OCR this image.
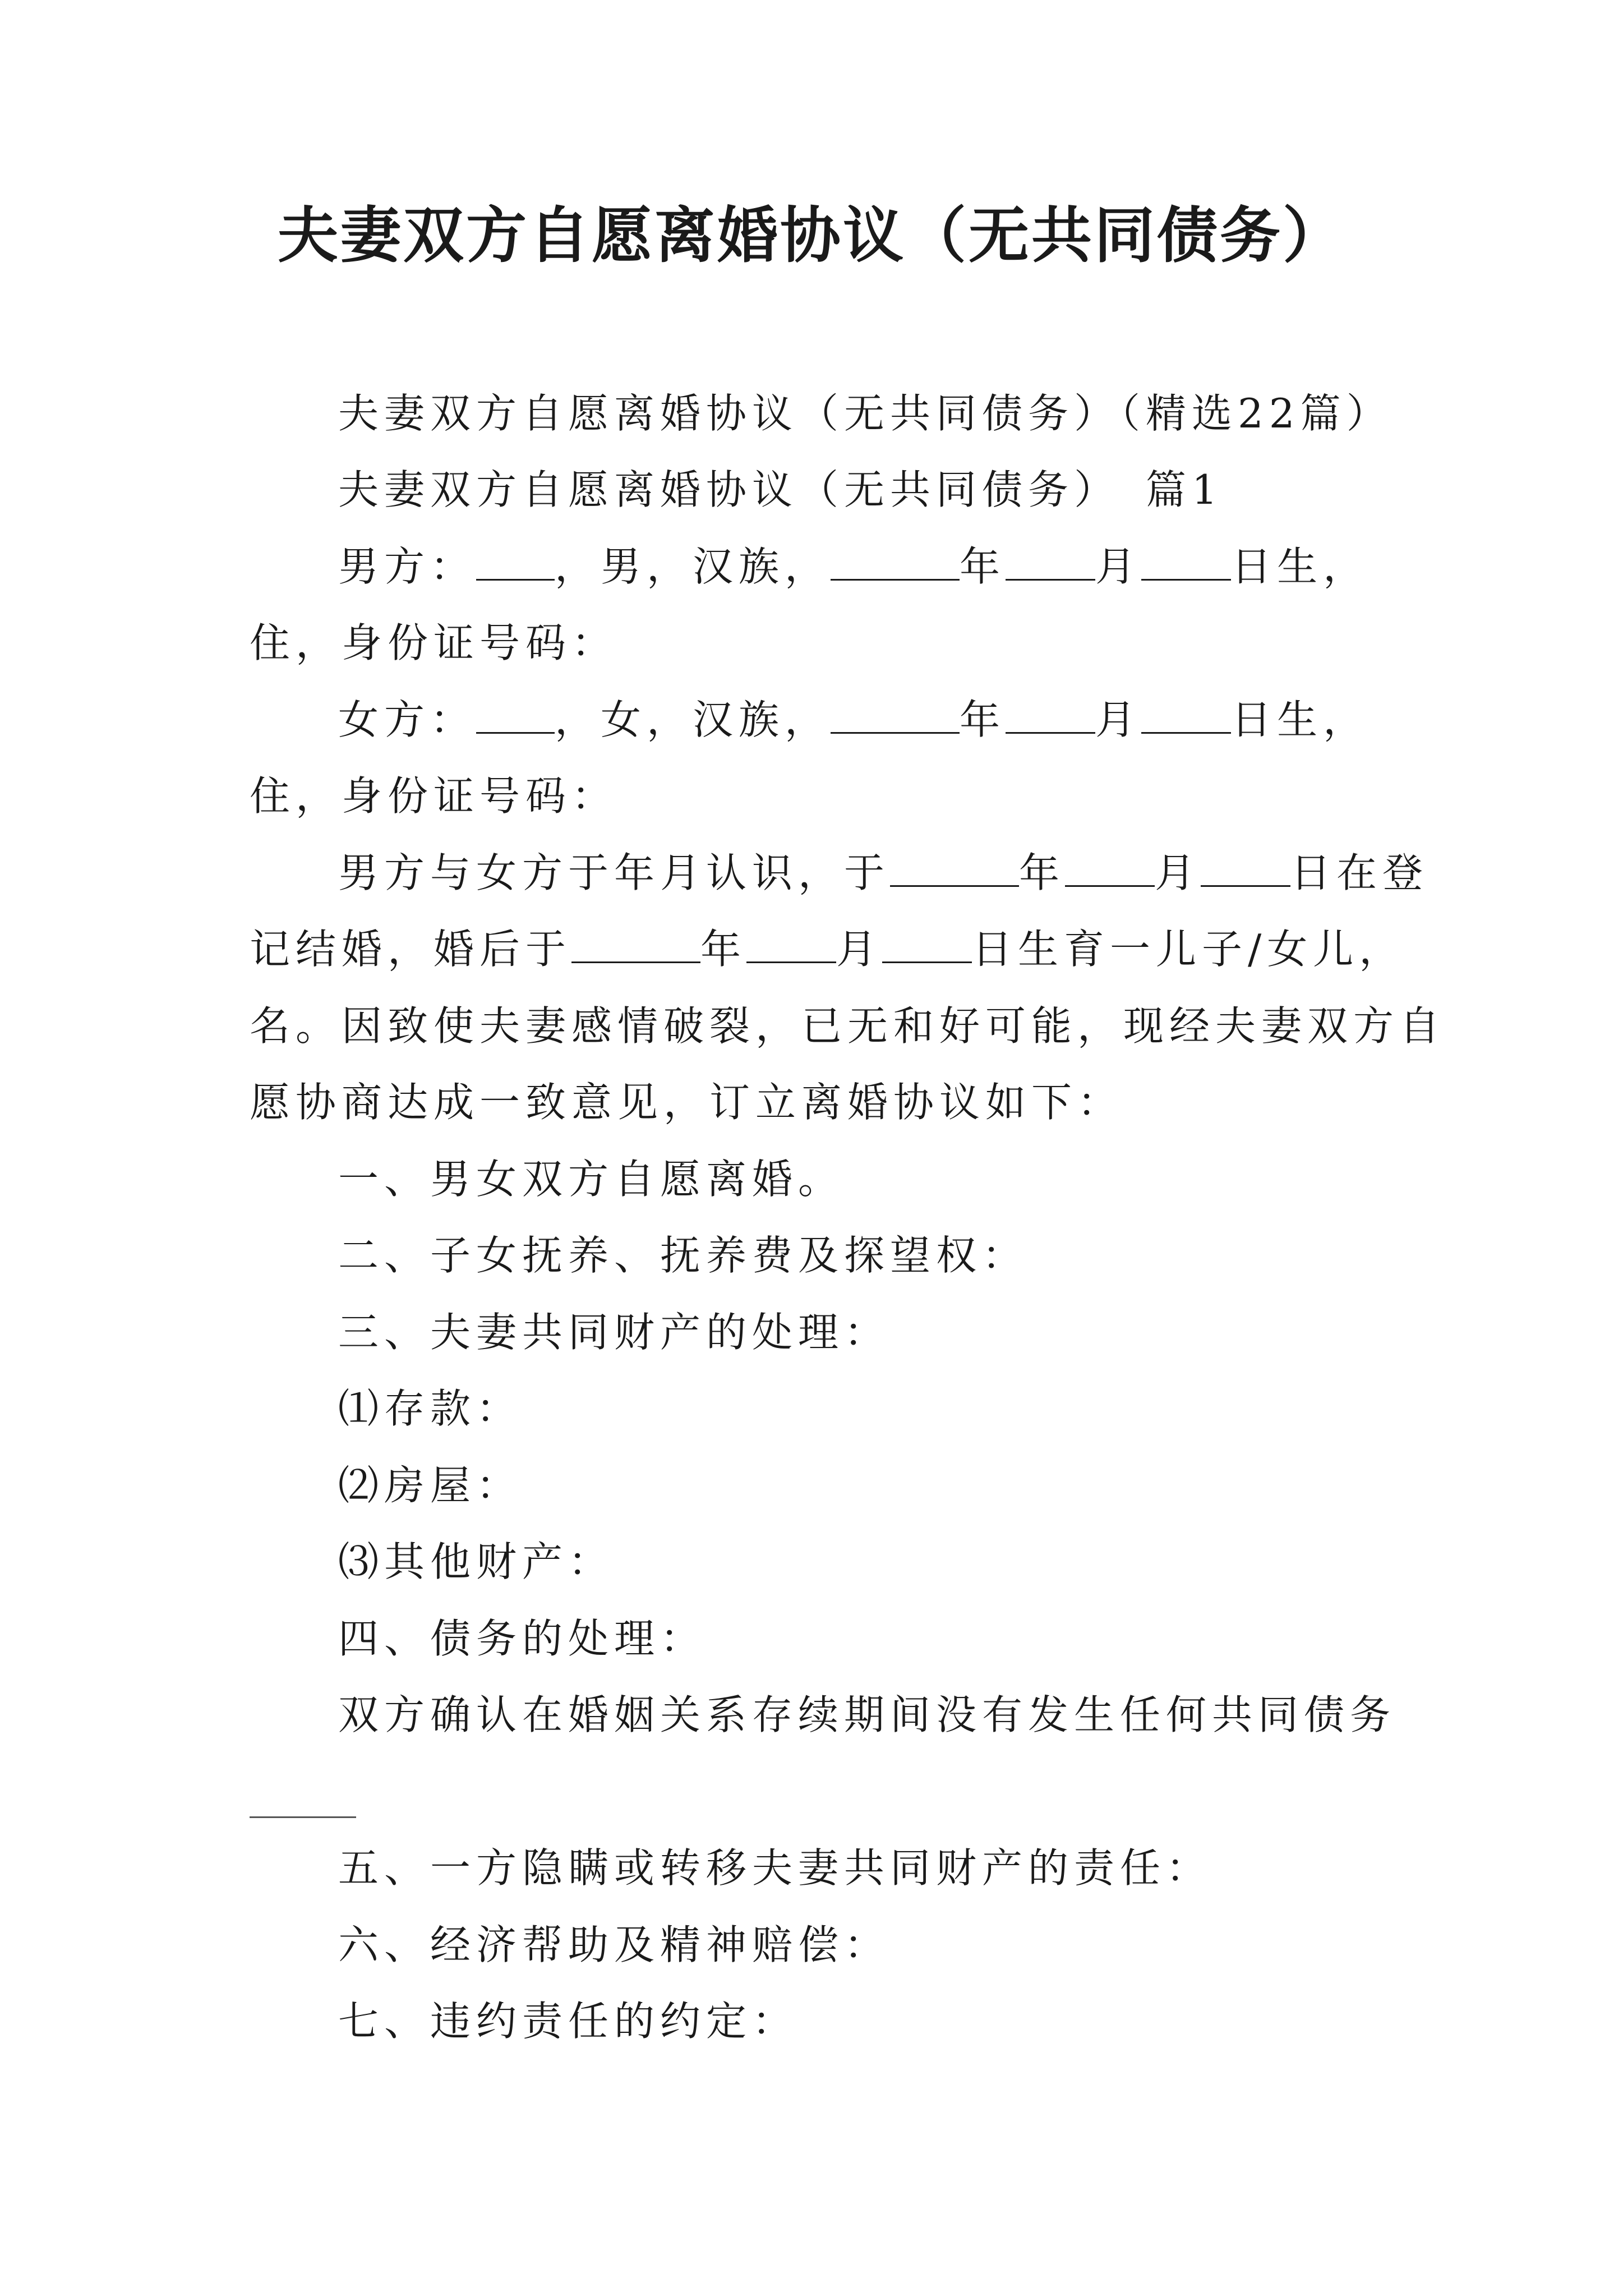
夫妻双方自愿离婚协议（无共同债务）
夫妻双方自愿离婚协议（无共同债务）（精选22篇）
夫妻双方自愿离婚协议（无共同债务）　篇1
男方： ，男，汉族，	年 月 日生，
住，身份证号码：
女方： ，女，汉族，	年 月 日生，
住，身份证号码：
男方与女方于年月认识，于	年 月 日在登
记结婚，婚后于	年 月 日生育一儿子/女儿，
名。因致使夫妻感情破裂，已无和好可能，现经夫妻双方自
愿协商达成一致意见，订立离婚协议如下：
一、男女双方自愿离婚。
二、子女抚养、抚养费及探望权：
三、夫妻共同财产的处理：
⑴存款：
⑵房屋：
⑶其他财产：
四、债务的处理：
双方确认在婚姻关系存续期间没有发生任何共同债务
五、一方隐瞒或转移夫妻共同财产的责任：
六、经济帮助及精神赔偿：
七、违约责任的约定：
